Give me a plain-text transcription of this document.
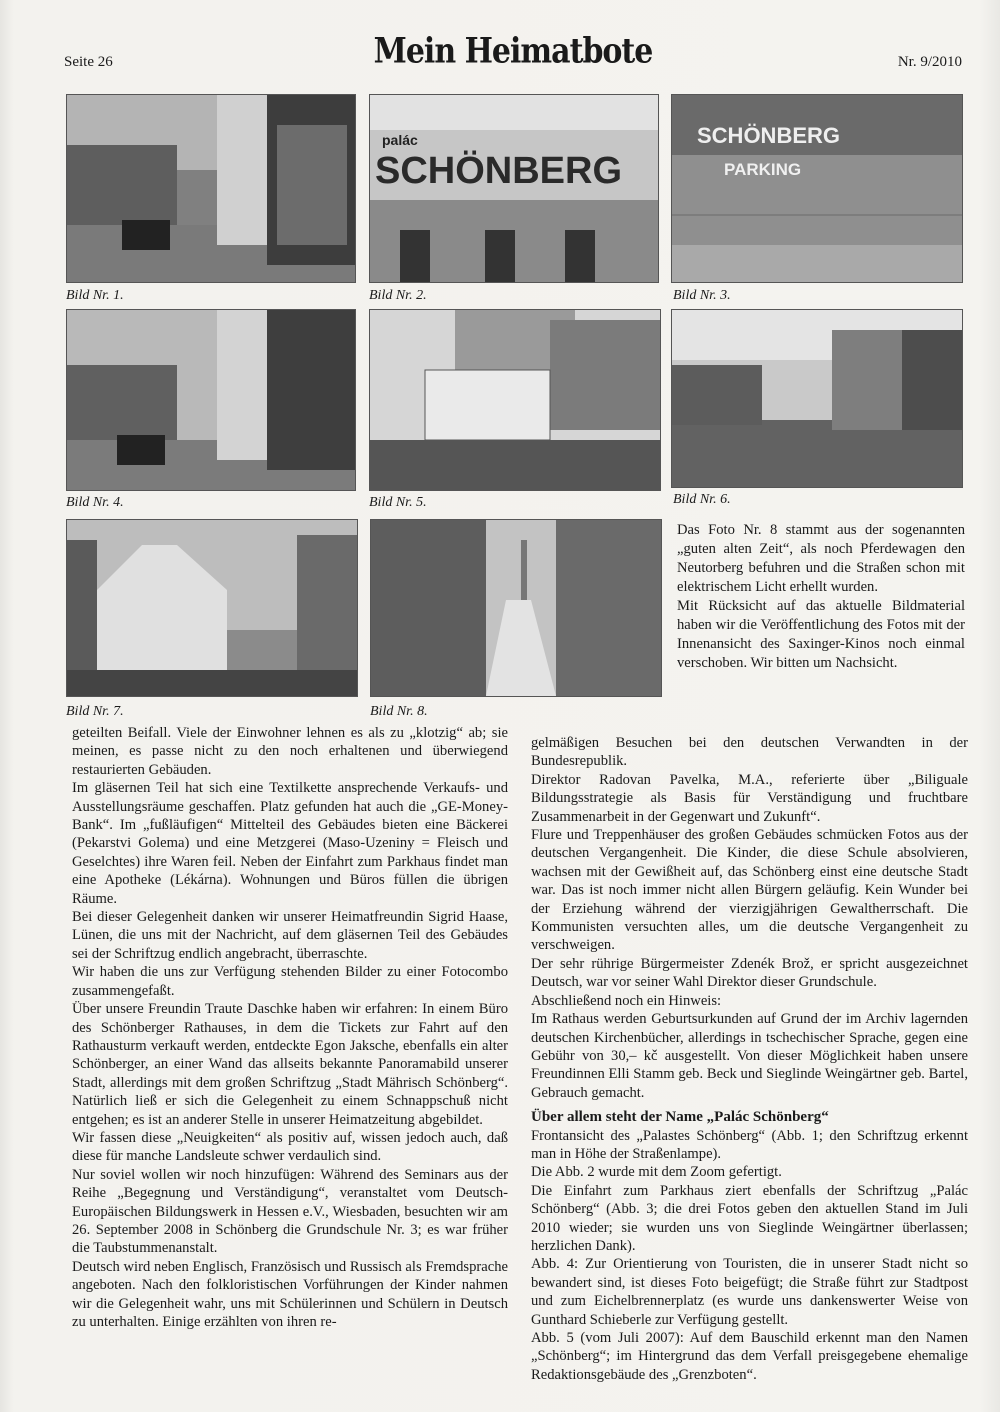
Seite 26	Mein Heimatbote	Nr. 9/2010
Bild Nr. 1.
paláс
SCHÖNBERG
Bild Nr. 2.
SCHÖNBERG
PARKING
Bild Nr. 3.
Bild Nr. 4.	Bild Nr. 5.	Bild Nr. 6.
Bild Nr. 7.	Bild Nr. 8.

Das Foto Nr. 8 stammt aus der sogenannten „guten alten Zeit“, als noch Pferdewagen den Neutorberg befuhren und die Straßen schon mit elektrischem Licht erhellt wurden.

Mit Rücksicht auf das aktuelle Bildmaterial haben wir die Veröffentlichung des Fotos mit der Innenansicht des Saxinger-Kinos noch einmal verschoben. Wir bitten um Nachsicht.

geteilten Beifall. Viele der Einwohner lehnen es als zu „klotzig“ ab; sie meinen, es passe nicht zu den noch erhaltenen und überwiegend restaurierten Gebäuden.

Im gläsernen Teil hat sich eine Textilkette ansprechende Verkaufs- und Ausstellungsräume geschaffen. Platz gefunden hat auch die „GE-Money-Bank“. Im „fußläufigen“ Mittelteil des Gebäudes bieten eine Bäckerei (Pekarstvi Golema) und eine Metzgerei (Maso-Uzeniny = Fleisch und Geselchtes) ihre Waren feil. Neben der Einfahrt zum Parkhaus findet man eine Apotheke (Lékárna). Wohnungen und Büros füllen die übrigen Räume.

Bei dieser Gelegenheit danken wir unserer Heimatfreundin Sigrid Haase, Lünen, die uns mit der Nachricht, auf dem gläsernen Teil des Gebäudes sei der Schriftzug endlich angebracht, überraschte.

Wir haben die uns zur Verfügung stehenden Bilder zu einer Fotocombo zusammengefaßt.

Über unsere Freundin Traute Daschke haben wir erfahren: In einem Büro des Schönberger Rathauses, in dem die Tickets zur Fahrt auf den Rathausturm verkauft werden, entdeckte Egon Jaksche, ebenfalls ein alter Schönberger, an einer Wand das allseits bekannte Panoramabild unserer Stadt, allerdings mit dem großen Schriftzug „Stadt Mährisch Schönberg“. Natürlich ließ er sich die Gelegenheit zu einem Schnappschuß nicht entgehen; es ist an anderer Stelle in unserer Heimatzeitung abgebildet.

Wir fassen diese „Neuigkeiten“ als positiv auf, wissen jedoch auch, daß diese für manche Landsleute schwer verdaulich sind.

Nur soviel wollen wir noch hinzufügen: Während des Seminars aus der Reihe „Begegnung und Verständigung“, veranstaltet vom Deutsch-Europäischen Bildungswerk in Hessen e.V., Wiesbaden, besuchten wir am 26. September 2008 in Schönberg die Grundschule Nr. 3; es war früher die Taubstummenanstalt.

Deutsch wird neben Englisch, Französisch und Russisch als Fremdsprache angeboten. Nach den folkloristischen Vorführungen der Kinder nahmen wir die Gelegenheit wahr, uns mit Schülerinnen und Schülern in Deutsch zu unterhalten. Einige erzählten von ihren re-

gelmäßigen Besuchen bei den deutschen Verwandten in der Bundesrepublik.

Direktor Radovan Pavelka, M.A., referierte über „Biliguale Bildungsstrategie als Basis für Verständigung und fruchtbare Zusammenarbeit in der Gegenwart und Zukunft“.

Flure und Treppenhäuser des großen Gebäudes schmücken Fotos aus der deutschen Vergangenheit. Die Kinder, die diese Schule absolvieren, wachsen mit der Gewißheit auf, das Schönberg einst eine deutsche Stadt war. Das ist noch immer nicht allen Bürgern geläufig. Kein Wunder bei der Erziehung während der vierzigjährigen Gewaltherrschaft. Die Kommunisten versuchten alles, um die deutsche Vergangenheit zu verschweigen.

Der sehr rührige Bürgermeister Zdenék Brož, er spricht ausgezeichnet Deutsch, war vor seiner Wahl Direktor dieser Grundschule.

Abschließend noch ein Hinweis:

Im Rathaus werden Geburtsurkunden auf Grund der im Archiv lagernden deutschen Kirchenbücher, allerdings in tschechischer Sprache, gegen eine Gebühr von 30,– kč ausgestellt. Von dieser Möglichkeit haben unsere Freundinnen Elli Stamm geb. Beck und Sieglinde Weingärtner geb. Bartel, Gebrauch gemacht.

Über allem steht der Name „Palác Schönberg“

Frontansicht des „Palastes Schönberg“ (Abb. 1; den Schriftzug erkennt man in Höhe der Straßenlampe).

Die Abb. 2 wurde mit dem Zoom gefertigt.

Die Einfahrt zum Parkhaus ziert ebenfalls der Schriftzug „Palác Schönberg“ (Abb. 3; die drei Fotos geben den aktuellen Stand im Juli 2010 wieder; sie wurden uns von Sieglinde Weingärtner überlassen; herzlichen Dank).

Abb. 4: Zur Orientierung von Touristen, die in unserer Stadt nicht so bewandert sind, ist dieses Foto beigefügt; die Straße führt zur Stadtpost und zum Eichelbrennerplatz (es wurde uns dankenswerter Weise von Gunthard Schieberle zur Verfügung gestellt.

Abb. 5 (vom Juli 2007): Auf dem Bauschild erkennt man den Namen „Schönberg“; im Hintergrund das dem Verfall preisgegebene ehemalige Redaktionsgebäude des „Grenzboten“.
